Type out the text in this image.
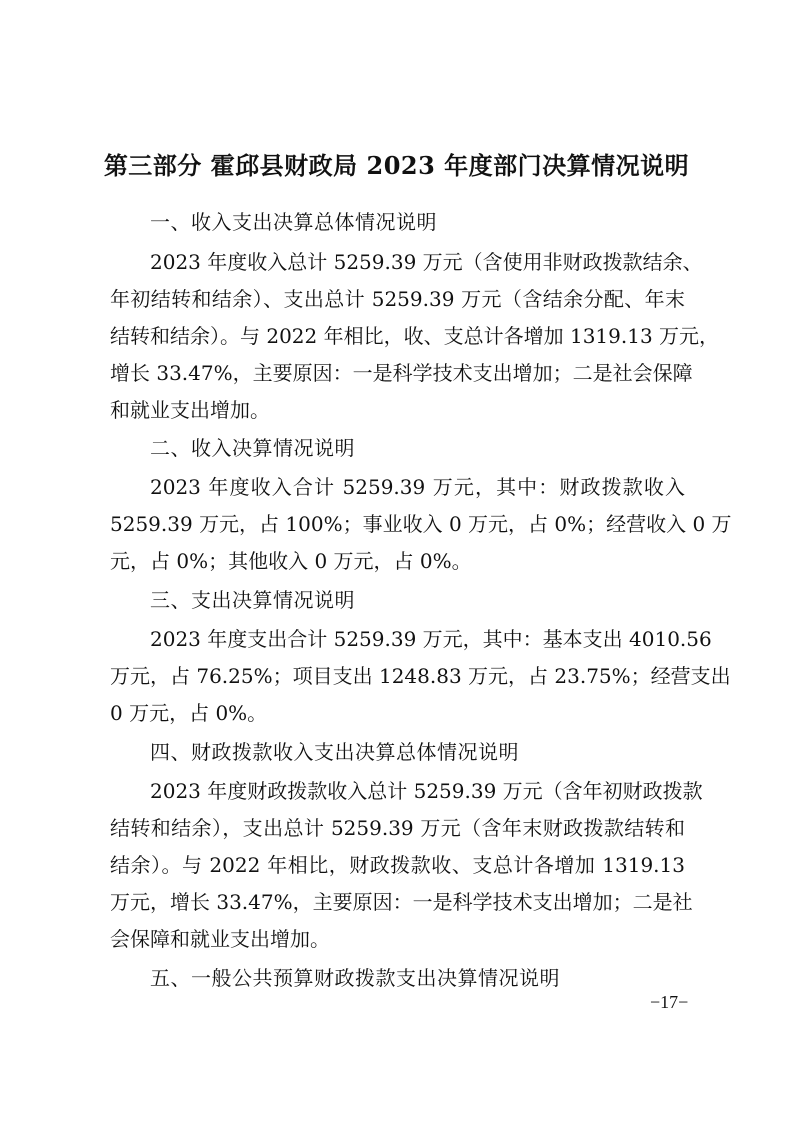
第三部分 霍邱县财政局 2023 年度部门决算情况说明
一、收入支出决算总体情况说明
2023 年度收入总计 5259.39 万元（含使用非财政拨款结余、
年初结转和结余）、支出总计 5259.39 万元（含结余分配、年末
结转和结余）。与 2022 年相比，收、支总计各增加 1319.13 万元，
增长 33.47%，主要原因：一是科学技术支出增加；二是社会保障
和就业支出增加。
二、收入决算情况说明
2023 年度收入合计 5259.39 万元，其中：财政拨款收入
5259.39 万元，占 100%；事业收入 0 万元，占 0%；经营收入 0 万
元，占 0%；其他收入 0 万元，占 0%。
三、支出决算情况说明
2023 年度支出合计 5259.39 万元，其中：基本支出 4010.56
万元，占 76.25%；项目支出 1248.83 万元，占 23.75%；经营支出
0 万元，占 0%。
四、财政拨款收入支出决算总体情况说明
2023 年度财政拨款收入总计 5259.39 万元（含年初财政拨款
结转和结余），支出总计 5259.39 万元（含年末财政拨款结转和
结余）。与 2022 年相比，财政拨款收、支总计各增加 1319.13
万元，增长 33.47%，主要原因：一是科学技术支出增加；二是社
会保障和就业支出增加。
五、一般公共预算财政拨款支出决算情况说明
−17−
